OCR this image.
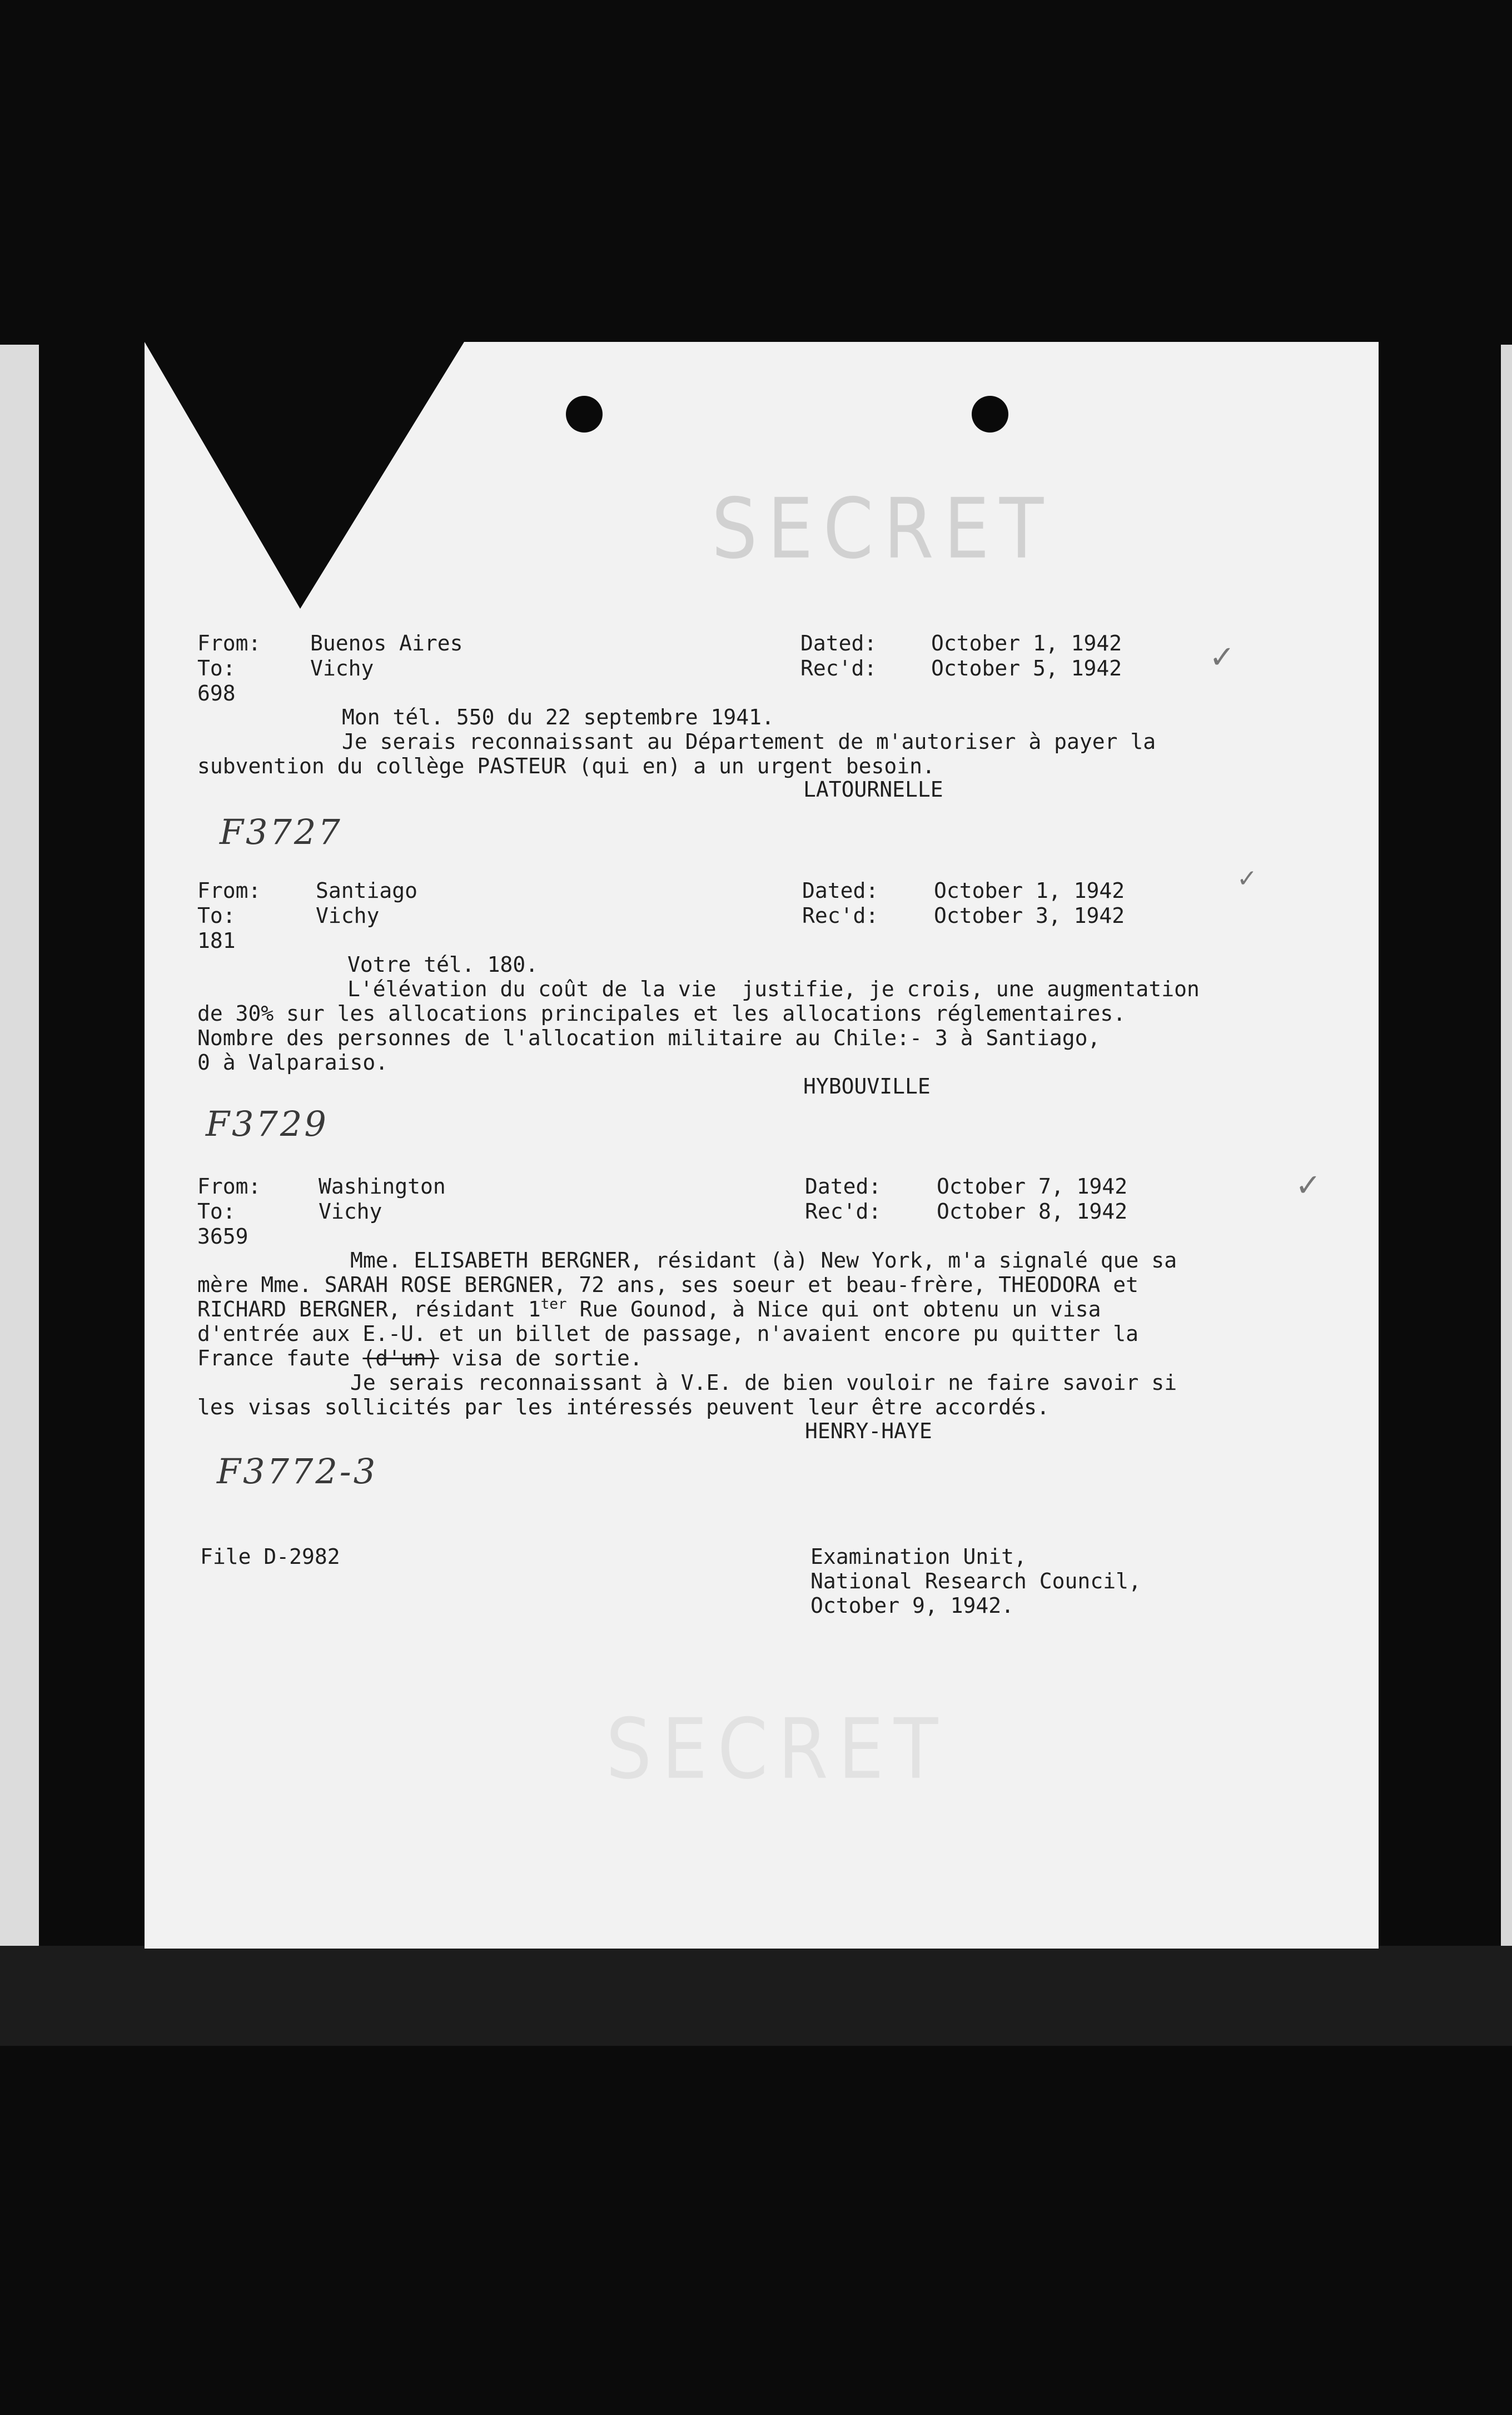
SECRET
SECRET
From: Buenos Aires
To:	Vichy
698
Dated:	October 1, 1942
Rec'd:	October 5, 1942	✓
Mon tél. 550 du 22 septembre 1941.
Je serais reconnaissant au Département de m'autoriser à payer la
subvention du collège PASTEUR (qui en) a un urgent besoin.
LATOURNELLE
F3727
From:	Santiago
To:	Vichy
181
Dated:	October 1, 1942
Rec'd:	October 3, 1942
✓
Votre tél. 180.
L'élévation du coût de la vie  justifie, je crois, une augmentation
de 30% sur les allocations principales et les allocations réglementaires.
Nombre des personnes de l'allocation militaire au Chile:- 3 à Santiago,
0 à Valparaiso.
HYBOUVILLE
F3729
From:	Washington
To:	Vichy
3659
Dated:	October 7, 1942
Rec'd:	October 8, 1942
✓
Mme. ELISABETH BERGNER, résidant (à) New York, m'a signalé que sa
mère Mme. SARAH ROSE BERGNER, 72 ans, ses soeur et beau-frère, THEODORA et
RICHARD BERGNER, résidant $1^{ter}$ Rue Gounod, à Nice qui ont obtenu un visa
d'entrée aux E.-U. et un billet de passage, n'avaient encore pu quitter la
France faute (d'un) visa de sortie.
Je serais reconnaissant à V.E. de bien vouloir ne faire savoir si
les visas sollicités par les intéressés peuvent leur être accordés.
HENRY-HAYE
F3772-3
File D-2982	Examination Unit,
National Research Council,
October 9, 1942.
